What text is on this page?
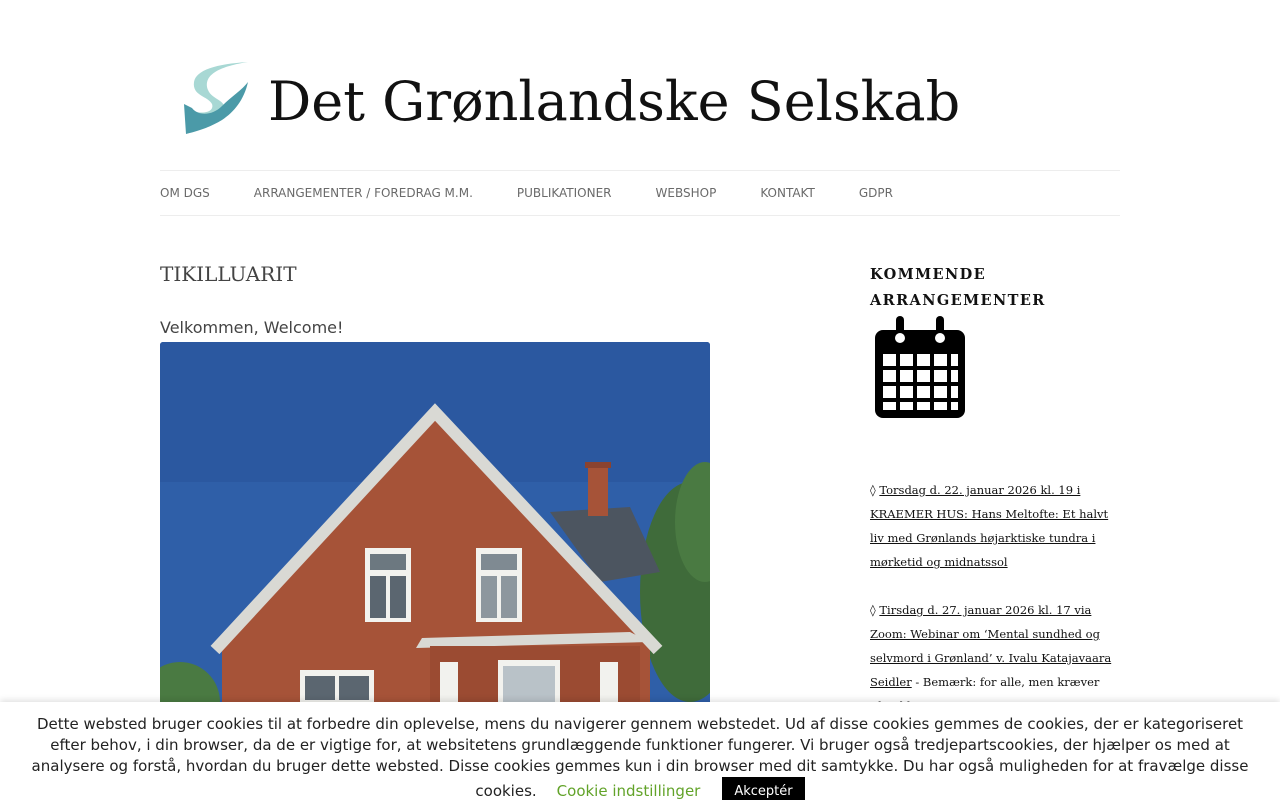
Det Grønlandske Selskab
OM DGS	ARRANGEMENTER / FOREDRAG M.M.	PUBLIKATIONER	WEBSHOP	KONTAKT	GDPR
TIKILLUARIT
Velkommen, Welcome!
KOMMENDE ARRANGEMENTER
◊ Torsdag d. 22. januar 2026 kl. 19 i KRAEMER HUS: Hans Meltofte: Et halvt liv med Grønlands højarktiske tundra i mørketid og midnatssol
◊ Tirsdag d. 27. januar 2026 kl. 17 via Zoom: Webinar om ‘Mental sundhed og selvmord i Grønland’ v. Ivalu Katajavaara Seidler - Bemærk: for alle, men kræver
Dette websted bruger cookies til at forbedre din oplevelse, mens du navigerer gennem webstedet. Ud af disse cookies gemmes de cookies, der er kategoriseret efter behov, i din browser, da de er vigtige for, at websitetens grundlæggende funktioner fungerer. Vi bruger også tredjepartscookies, der hjælper os med at analysere og forstå, hvordan du bruger dette websted. Disse cookies gemmes kun i din browser med dit samtykke. Du har også muligheden for at fravælge disse cookies. Cookie indstillinger	Akceptér
